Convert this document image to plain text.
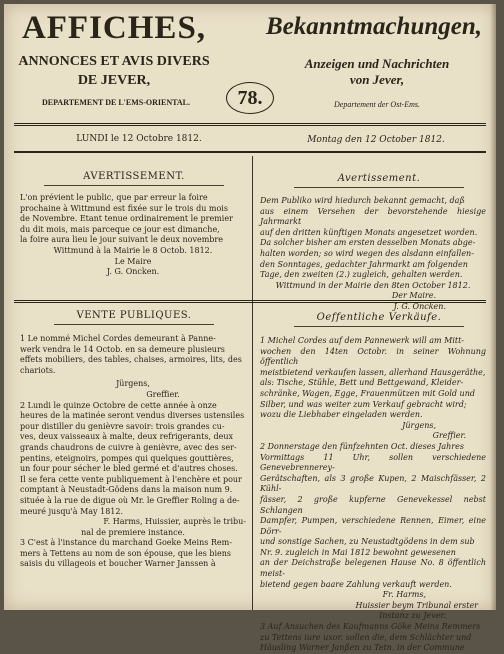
AFFICHES,	Bekanntmachungen,
ANNONCES ET AVIS DIVERS
DE JEVER,
Anzeigen und Nachrichten
von Jever,
78.
DEPARTEMENT DE L'EMS-ORIENTAL.	Departement der Ost-Ems.
LUNDI le 12 Octobre 1812.	Montag den 12 October 1812.
AVERTISSEMENT.	Avertissement.

L'on prévient le public, que par erreur la foire

prochaine à Wittmund est fixée sur le trois du mois

de Novembre. Etant tenue ordinairement le premier

du dit mois, mais parceque ce jour est dimanche,

la foire aura lieu le jour suivant le deux novembre

Wittmund à la Mairie le 8 Octob. 1812.

Le Maire

J. G. Oncken.

Dem Publiko wird hiedurch bekannt gemacht, daß

aus einem Versehen der bevorstehende hiesige Jahrmarkt

auf den dritten künftigen Monats angesetzet worden.

Da solcher bisher am ersten desselben Monats abge-

halten worden; so wird wegen des alsdann einfallen-

den Sonntages, gedachter Jahrmarkt am folgenden

Tage, den zweiten (2.) zugleich, gehalten werden.

Wittmund in der Mairie den 8ten October 1812.

Der Maire.

J. G. Oncken.

VENTE PUBLIQUES.	Oeffentliche Verkäufe.

1 Le nommé Michel Cordes demeurant à Panne-

werk vendra le 14 Octob. en sa demeure plusieurs

effets mobiliers, des tables, chaises, armoires, lits, des

chariots.

Jürgens,

Greffier.

2 Lundi le quinze Octobre de cette année à onze

heures de la matinée seront vendus diverses ustensiles

pour distiller du genièvre savoir: trois grandes cu-

ves, deux vaisseaux à malte, deux refrigerants, deux

grands chaudrons de cuivre à genièvre, avec des ser-

pentins, eteignoirs, pompes qui quelques gouttières,

un four pour sécher le bled germé et d'autres choses.

Il se fera cette vente publiquement à l'enchère et pour

comptant à Neustadt-Gödens dans la maison num 9.

située à la rue de digue où Mr. le Greffier Roling a de-

meuré jusqu'à May 1812.

F. Harms, Huissier, auprès le tribu-

nal de premiere instance.

3 C'est à l'instance du marchand Goeke Meins Rem-

mers à Tettens au nom de son épouse, que les biens

saisis du villageois et boucher Warner Janssen à

1 Michel Cordes auf dem Pannewerk will am Mitt-

wochen den 14ten Octobr. in seiner Wohnung öffentlich

meistbietend verkaufen lassen, allerhand Hausgeräthe,

als: Tische, Stühle, Bett und Bettgewand, Kleider-

schränke, Wagen, Egge, Frauenmützen mit Gold und

Silber, und was weiter zum Verkauf gebracht wird;

wozu die Liebhaber eingeladen werden.

Jürgens,

Greffier.

2 Donnerstage den fünfzehnten Oct. dieses Jahres

Vormittags 11 Uhr, sollen verschiedene Genevebrennerey-

Gerätschaften, als 3 große Kupen, 2 Maischfässer, 2 Kühl-

fässer, 2 große kupferne Genevekessel nebst Schlangen

Dampfer, Pumpen, verschiedene Rennen, Eimer, eine Dörr-

und sonstige Sachen, zu Neustadtgödens in dem sub

Nr. 9. zugleich in Mai 1812 bewohnt gewesenen

an der Deichstraße belegenen Hause No. 8 öffentlich meist-

bietend gegen baare Zahlung verkauft werden.

Fr. Harms,

Huissier beym Tribunal erster

Instanz zu Jever.

3 Auf Ansuchen des Kaufmanns Göke Meins Remmers

zu Tettens iure uxor. sollen die, dem Schlächter und

Häusling Warner Janßen zu Tetn. in der Commune
